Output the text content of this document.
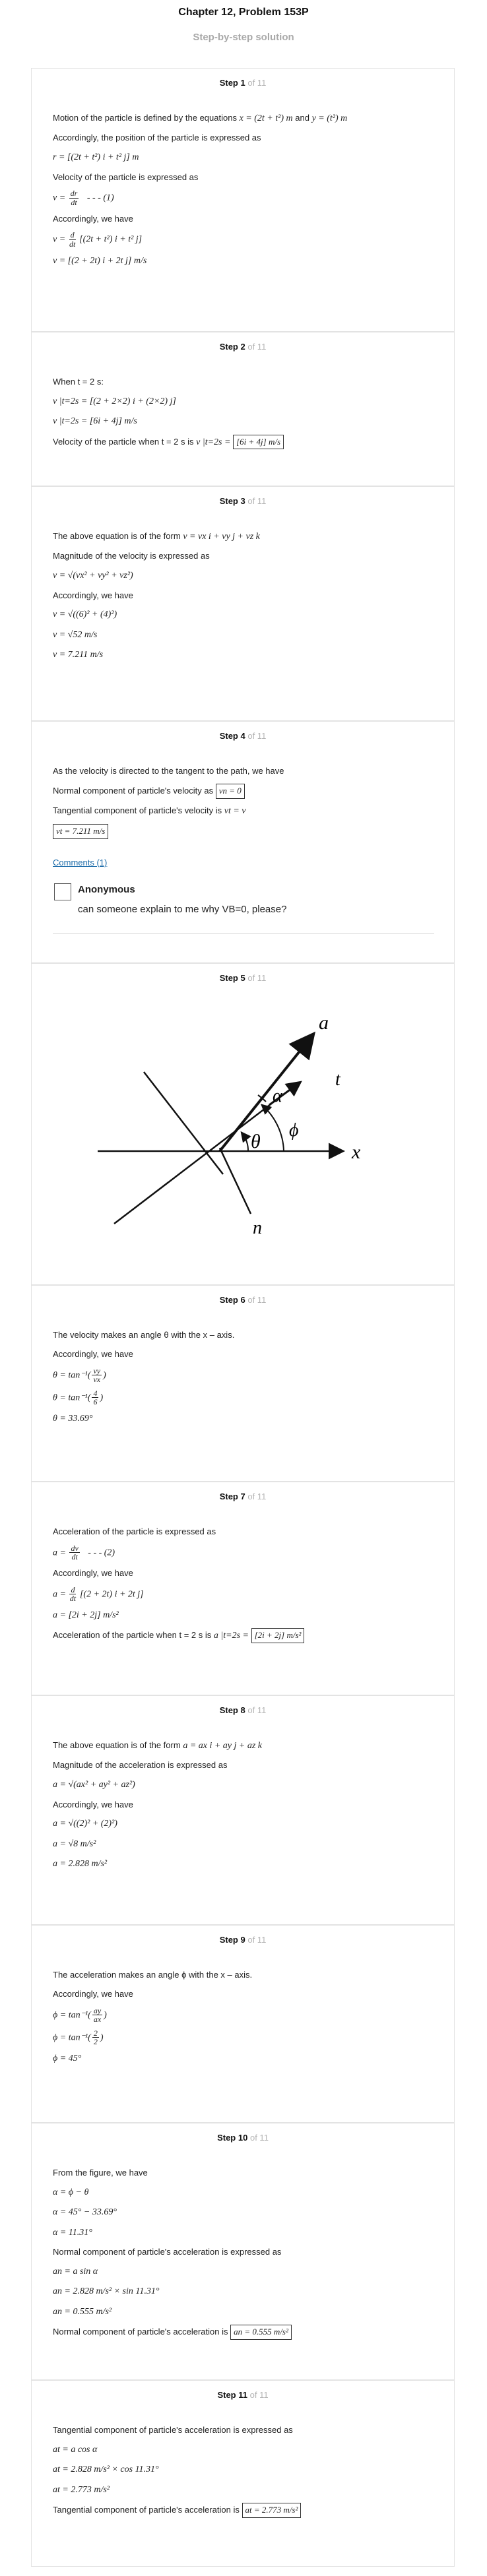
Chapter 12, Problem 153P
Step-by-step solution
Step 1 of 11
Motion of the particle is defined by the equations x = (2t + t²) m and y = (t²) m
Accordingly, the position of the particle is expressed as
r = [(2t + t²) i + t² j] m
Velocity of the particle is expressed as
$v = \frac{dr}{dt}$ - - - (1)
Accordingly, we have
$v = \frac{d}{dt} [(2t + t^2) i + t^2$ j]
v = [(2 + 2t) i + 2t j] m/s
Step 2 of 11
When t = 2 s:
v |t=2s = [(2 + 2×2) i + (2×2) j]
v |t=2s = [6i + 4j] m/s
Velocity of the particle when t = 2 s is v |t=2s = [6i + 4j] m/s
Step 3 of 11
The above equation is of the form v = vx i + vy j + vz k
Magnitude of the velocity is expressed as
v = √(vx² + vy² + vz²)
Accordingly, we have
v = √((6)² + (4)²)
v = √52 m/s
v = 7.211 m/s
Step 4 of 11
As the velocity is directed to the tangent to the path, we have
Normal component of particle's velocity as vn = 0
Tangential component of particle's velocity is vt = v
vt = 7.211 m/s
Comments (1)
Anonymous
can someone explain to me why VB=0, please?
Step 5 of 11
a
t
α
ϕ
θ	x
n
Step 6 of 11
The velocity makes an angle θ with the x – axis.
Accordingly, we have
$\theta = \tan^{-1}( \frac{vy}{vx}$ )
$\theta = \tan^{-1}( \frac{4}{6}$ )
θ = 33.69°
Step 7 of 11
Acceleration of the particle is expressed as
$a = \frac{dv}{dt}$ - - - (2)
Accordingly, we have
$a = \frac{d}{dt} [(2 + 2t) i + 2t$ j]
a = [2i + 2j] m/s²
Acceleration of the particle when t = 2 s is a |t=2s = [2i + 2j] m/s²
Step 8 of 11
The above equation is of the form a = ax i + ay j + az k
Magnitude of the acceleration is expressed as
a = √(ax² + ay² + az²)
Accordingly, we have
a = √((2)² + (2)²)
a = √8 m/s²
a = 2.828 m/s²
Step 9 of 11
The acceleration makes an angle ϕ with the x – axis.
Accordingly, we have
$\phi = \tan^{-1}( \frac{ay}{ax}$ )
$\phi = \tan^{-1}( \frac{2}{2}$ )
ϕ = 45°
Step 10 of 11
From the figure, we have
α = ϕ − θ
α = 45° − 33.69°
α = 11.31°
Normal component of particle's acceleration is expressed as
an = a sin α
an = 2.828 m/s² × sin 11.31°
an = 0.555 m/s²
Normal component of particle's acceleration is an = 0.555 m/s²
Step 11 of 11
Tangential component of particle's acceleration is expressed as
at = a cos α
at = 2.828 m/s² × cos 11.31°
at = 2.773 m/s²
Tangential component of particle's acceleration is at = 2.773 m/s²
